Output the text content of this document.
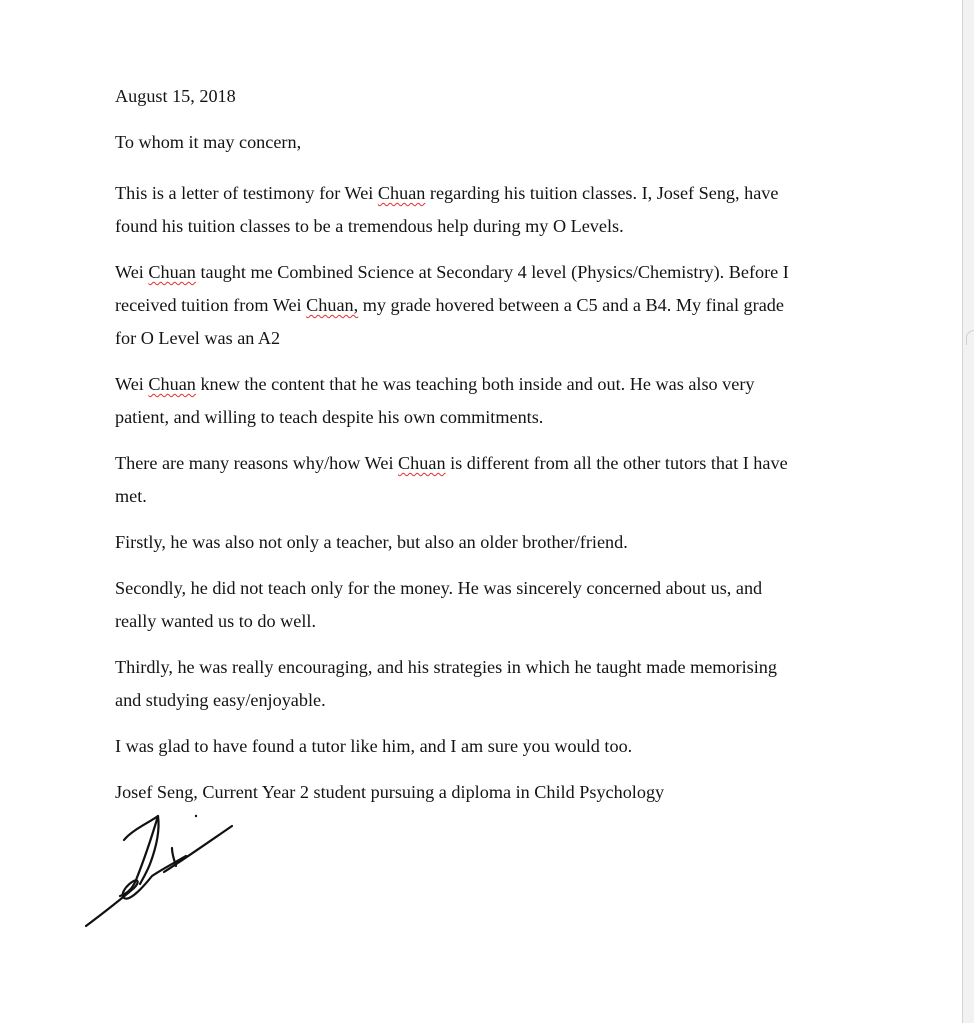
August 15, 2018

To whom it may concern,

This is a letter of testimony for Wei Chuan regarding his tuition classes. I, Josef Seng, have
found his tuition classes to be a tremendous help during my O Levels.

Wei Chuan taught me Combined Science at Secondary 4 level (Physics/Chemistry). Before I
received tuition from Wei Chuan, my grade hovered between a C5 and a B4. My final grade
for O Level was an A2

Wei Chuan knew the content that he was teaching both inside and out. He was also very
patient, and willing to teach despite his own commitments.

There are many reasons why/how Wei Chuan is different from all the other tutors that I have
met.

Firstly, he was also not only a teacher, but also an older brother/friend.

Secondly, he did not teach only for the money. He was sincerely concerned about us, and
really wanted us to do well.

Thirdly, he was really encouraging, and his strategies in which he taught made memorising
and studying easy/enjoyable.

I was glad to have found a tutor like him, and I am sure you would too.

Josef Seng, Current Year 2 student pursuing a diploma in Child Psychology
